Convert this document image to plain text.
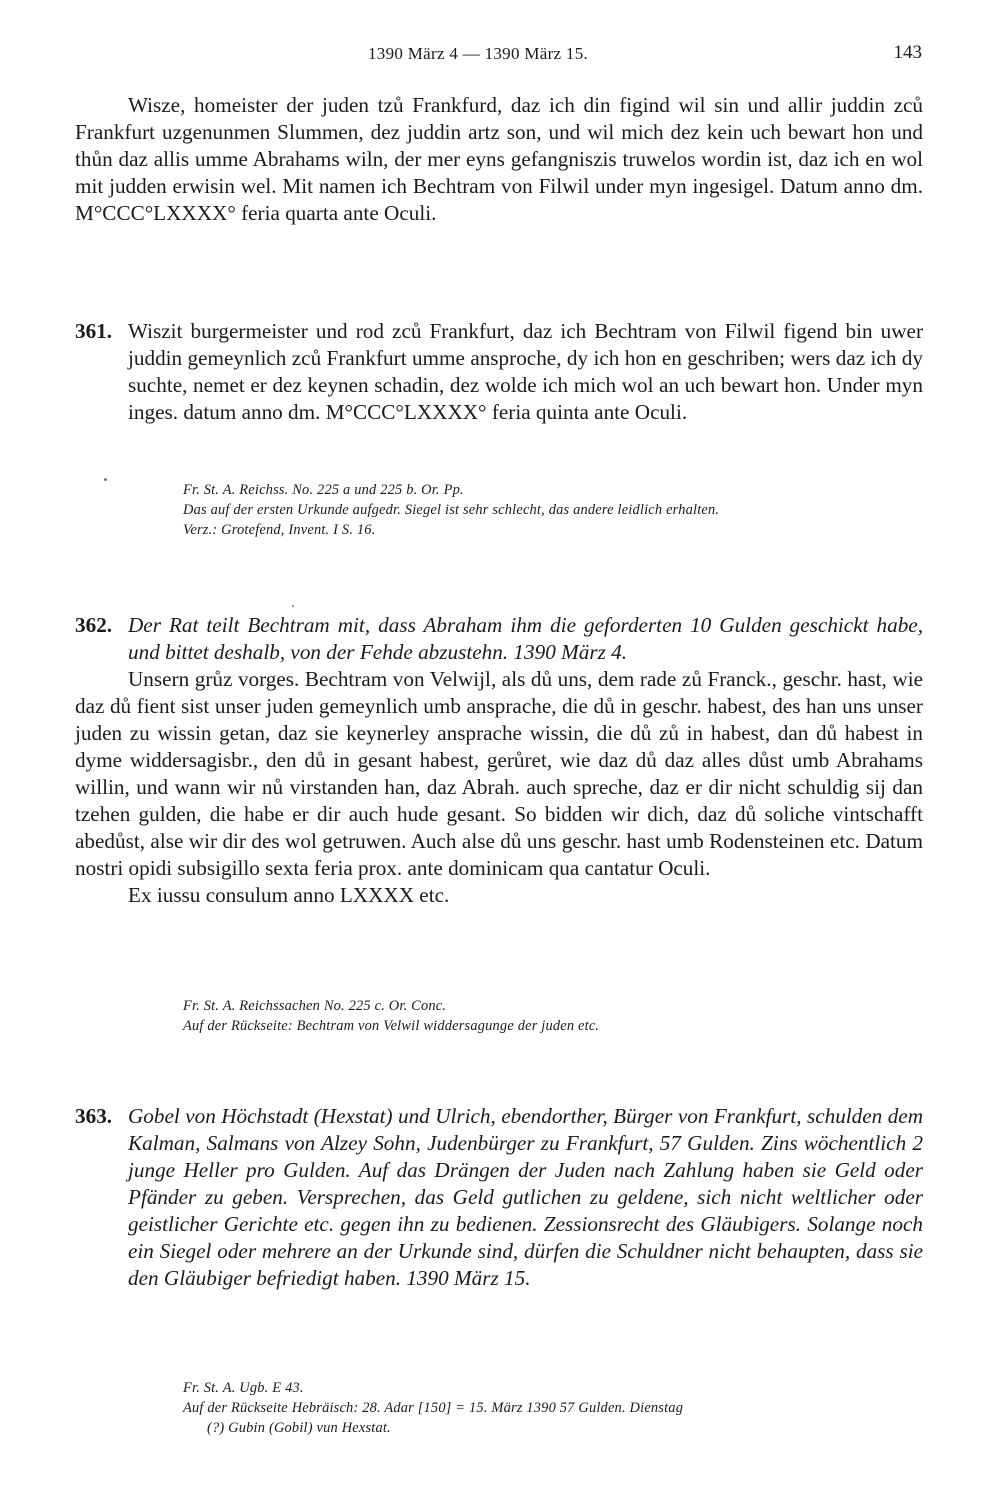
1390 März 4 — 1390 März 15.	143

Wisze, homeister der juden tzů Frankfurd, daz ich din figind wil sin und allir juddin zců Frankfurt uzgenunmen Slummen, dez juddin artz son, und wil mich dez kein uch bewart hon und thůn daz allis umme Abrahams wiln, der mer eyns gefangniszis truwelos wordin ist, daz ich en wol mit judden erwisin wel. Mit namen ich Bechtram von Filwil under myn ingesigel. Datum anno dm. M°CCC°LXXXX° feria quarta ante Oculi.

361. Wiszit burgermeister und rod zců Frankfurt, daz ich Bechtram von Filwil figend bin uwer juddin gemeynlich zců Frankfurt umme ansproche, dy ich hon en geschriben; wers daz ich dy suchte, nemet er dez keynen schadin, dez wolde ich mich wol an uch bewart hon. Under myn inges. datum anno dm. M°CCC°LXXXX° feria quinta ante Oculi.
Fr. St. A. Reichss. No. 225 a und 225 b. Or. Pp.
Das auf der ersten Urkunde aufgedr. Siegel ist sehr schlecht, das andere leidlich erhalten.
Verz.: Grotefend, Invent. I S. 16.
362. Der Rat teilt Bechtram mit, dass Abraham ihm die geforderten 10 Gulden geschickt habe, und bittet deshalb, von der Fehde abzustehn. 1390 März 4.

Unsern grůz vorges. Bechtram von Velwijl, als dů uns, dem rade zů Franck., geschr. hast, wie daz dů fient sist unser juden gemeynlich umb ansprache, die dů in geschr. habest, des han uns unser juden zu wissin getan, daz sie keynerley ansprache wissin, die dů zů in habest, dan dů habest in dyme widdersagisbr., den dů in gesant habest, gerůret, wie daz dů daz alles důst umb Abrahams willin, und wann wir nů virstanden han, daz Abrah. auch spreche, daz er dir nicht schuldig sij dan tzehen gulden, die habe er dir auch hude gesant. So bidden wir dich, daz dů soliche vintschafft abedůst, alse wir dir des wol getruwen. Auch alse dů uns geschr. hast umb Rodensteinen etc. Datum nostri opidi subsigillo sexta feria prox. ante dominicam qua cantatur Oculi.

Ex iussu consulum anno LXXXX etc.

Fr. St. A. Reichssachen No. 225 c. Or. Conc.
Auf der Rückseite: Bechtram von Velwil widdersagunge der juden etc.
363. Gobel von Höchstadt (Hexstat) und Ulrich, ebendorther, Bürger von Frankfurt, schulden dem Kalman, Salmans von Alzey Sohn, Judenbürger zu Frankfurt, 57 Gulden. Zins wöchentlich 2 junge Heller pro Gulden. Auf das Drängen der Juden nach Zahlung haben sie Geld oder Pfänder zu geben. Versprechen, das Geld gutlichen zu geldene, sich nicht weltlicher oder geistlicher Gerichte etc. gegen ihn zu bedienen. Zessionsrecht des Gläubigers. Solange noch ein Siegel oder mehrere an der Urkunde sind, dürfen die Schuldner nicht behaupten, dass sie den Gläubiger befriedigt haben. 1390 März 15.
Fr. St. A. Ugb. E 43.
Auf der Rückseite Hebräisch: 28. Adar [150] = 15. März 1390 57 Gulden. Dienstag
(?) Gubin (Gobil) vun Hexstat.
